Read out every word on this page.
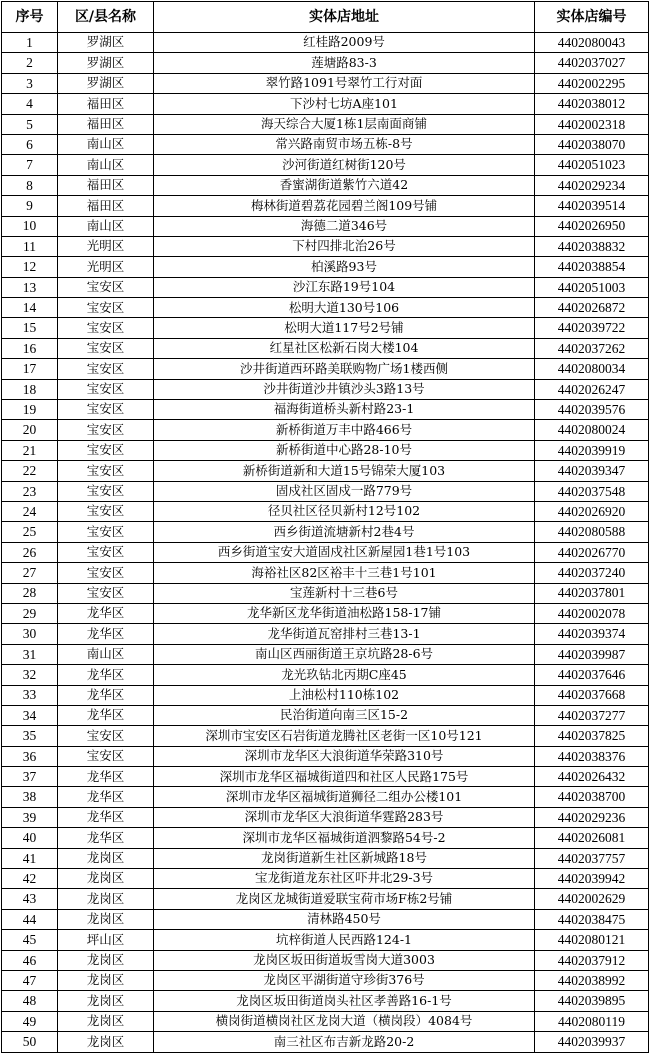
序号	区/县名称	实体店地址	实体店编号
1	罗湖区	红桂路2009号	4402080043
2	罗湖区	莲塘路83-3	4402037027
3	罗湖区	翠竹路1091号翠竹工行对面	4402002295
4	福田区	下沙村七坊A座101	4402038012
5	福田区	海天综合大厦1栋1层南面商铺	4402002318
6	南山区	常兴路南贸市场五栋-8号	4402038070
7	南山区	沙河街道红树街120号	4402051023
8	福田区	香蜜湖街道紫竹六道42	4402029234
9	福田区	梅林街道碧荔花园碧兰阁109号铺	4402039514
10	南山区	海德二道346号	4402026950
11	光明区	下村四排北治26号	4402038832
12	光明区	柏溪路93号	4402038854
13	宝安区	沙江东路19号104	4402051003
14	宝安区	松明大道130号106	4402026872
15	宝安区	松明大道117号2号铺	4402039722
16	宝安区	红星社区松新石岗大楼104	4402037262
17	宝安区	沙井街道西环路美联购物广场1楼西侧	4402080034
18	宝安区	沙井街道沙井镇沙头3路13号	4402026247
19	宝安区	福海街道桥头新村路23-1	4402039576
20	宝安区	新桥街道万丰中路466号	4402080024
21	宝安区	新桥街道中心路28-10号	4402039919
22	宝安区	新桥街道新和大道15号锦荣大厦103	4402039347
23	宝安区	固戍社区固戍一路779号	4402037548
24	宝安区	径贝社区径贝新村12号102	4402026920
25	宝安区	西乡街道流塘新村2巷4号	4402080588
26	宝安区	西乡街道宝安大道固戍社区新屋园1巷1号103	4402026770
27	宝安区	海裕社区82区裕丰十三巷1号101	4402037240
28	宝安区	宝莲新村十三巷6号	4402037801
29	龙华区	龙华新区龙华街道油松路158-17铺	4402002078
30	龙华区	龙华街道瓦窑排村三巷13-1	4402039374
31	南山区	南山区西丽街道王京坑路28-6号	4402039987
32	龙华区	龙光玖钻北丙期C座45	4402037646
33	龙华区	上油松村110栋102	4402037668
34	龙华区	民治街道向南三区15-2	4402037277
35	宝安区	深圳市宝安区石岩街道龙腾社区老街一区10号121	4402037825
36	宝安区	深圳市龙华区大浪街道华荣路310号	4402038376
37	龙华区	深圳市龙华区福城街道四和社区人民路175号	4402026432
38	龙华区	深圳市龙华区福城街道狮径二组办公楼101	4402038700
39	龙华区	深圳市龙华区大浪街道华霆路283号	4402029236
40	龙华区	深圳市龙华区福城街道泗黎路54号-2	4402026081
41	龙岗区	龙岗街道新生社区新城路18号	4402037757
42	龙岗区	宝龙街道龙东社区吓井北29-3号	4402039942
43	龙岗区	龙岗区龙城街道爱联宝荷市场F栋2号铺	4402002629
44	龙岗区	清林路450号	4402038475
45	坪山区	坑梓街道人民西路124-1	4402080121
46	龙岗区	龙岗区坂田街道坂雪岗大道3003	4402037912
47	龙岗区	龙岗区平湖街道守珍街376号	4402038992
48	龙岗区	龙岗区坂田街道岗头社区孝善路16-1号	4402039895
49	龙岗区	横岗街道横岗社区龙岗大道（横岗段）4084号	4402080119
50	龙岗区	南三社区布吉新龙路20-2	4402039937
